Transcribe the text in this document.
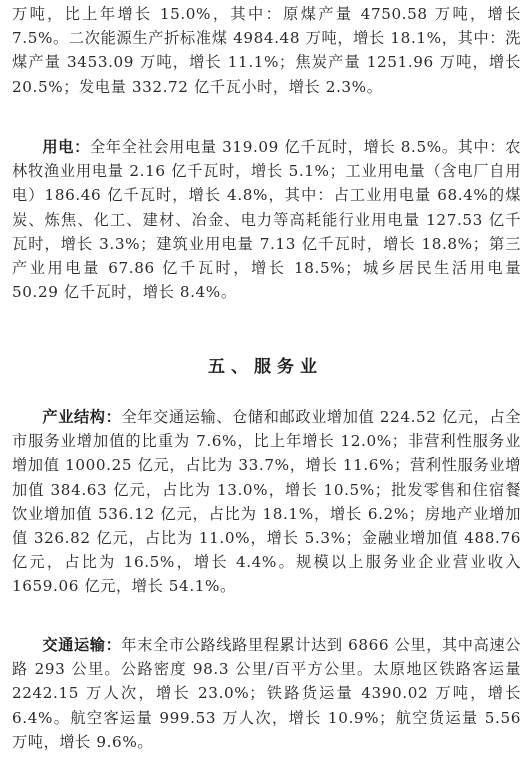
万吨，比上年增长 15.0%，其中：原煤产量 4750.58 万吨，增长 7.5%。二次能源生产折标准煤 4984.48 万吨，增长 18.1%，其中：洗煤产量 3453.09 万吨，增长 11.1%；焦炭产量 1251.96 万吨，增长 20.5%；发电量 332.72 亿千瓦小时，增长 2.3%。

用电：全年全社会用电量 319.09 亿千瓦时，增长 8.5%。其中：农林牧渔业用电量 2.16 亿千瓦时，增长 5.1%；工业用电量（含电厂自用电）186.46 亿千瓦时，增长 4.8%，其中：占工业用电量 68.4%的煤炭、炼焦、化工、建材、冶金、电力等高耗能行业用电量 127.53 亿千瓦时，增长 3.3%；建筑业用电量 7.13 亿千瓦时，增长 18.8%；第三产业用电量 67.86 亿千瓦时，增长 18.5%；城乡居民生活用电量 50.29 亿千瓦时，增长 8.4%。

五、服务业

产业结构：全年交通运输、仓储和邮政业增加值 224.52 亿元，占全市服务业增加值的比重为 7.6%，比上年增长 12.0%；非营利性服务业增加值 1000.25 亿元，占比为 33.7%，增长 11.6%；营利性服务业增加值 384.63 亿元，占比为 13.0%，增长 10.5%；批发零售和住宿餐饮业增加值 536.12 亿元，占比为 18.1%，增长 6.2%；房地产业增加值 326.82 亿元，占比为 11.0%，增长 5.3%；金融业增加值 488.76 亿元，占比为 16.5%，增长 4.4%。规模以上服务业企业营业收入 1659.06 亿元，增长 54.1%。

交通运输：年末全市公路线路里程累计达到 6866 公里，其中高速公路 293 公里。公路密度 98.3 公里/百平方公里。太原地区铁路客运量 2242.15 万人次，增长 23.0%；铁路货运量 4390.02 万吨，增长 6.4%。航空客运量 999.53 万人次，增长 10.9%；航空货运量 5.56 万吨，增长 9.6%。
